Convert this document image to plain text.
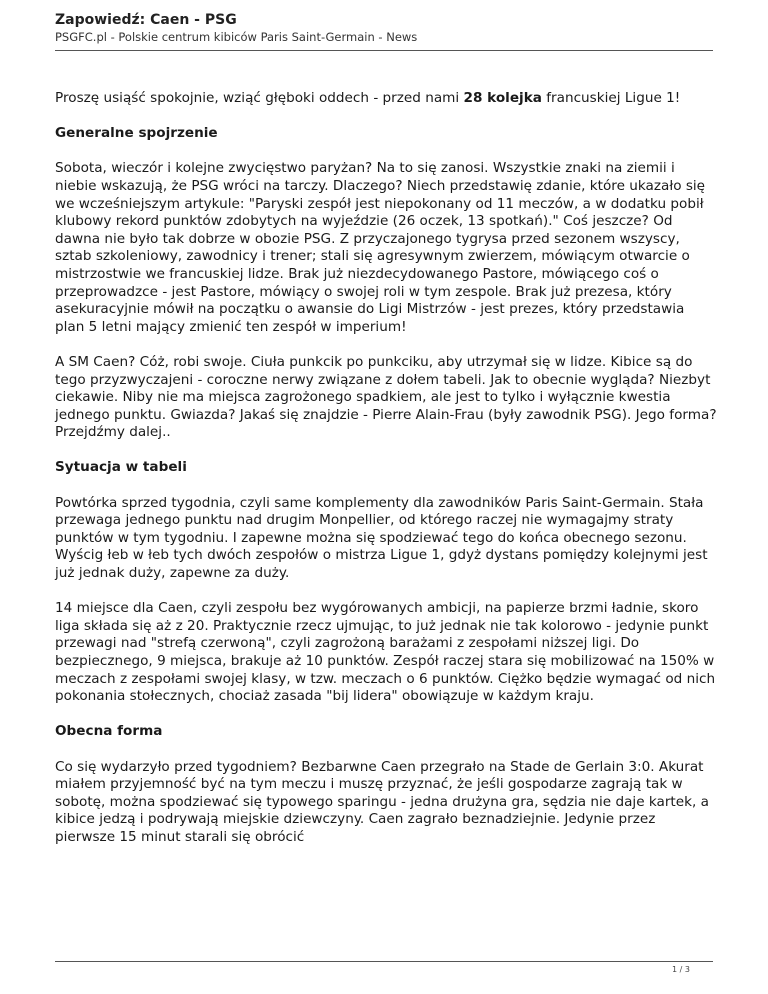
Zapowiedź: Caen - PSG
PSGFC.pl - Polskie centrum kibiców Paris Saint-Germain - News

Proszę usiąść spokojnie, wziąć głęboki oddech - przed nami 28 kolejka francuskiej Ligue 1!

Generalne spojrzenie

Sobota, wieczór i kolejne zwycięstwo paryżan? Na to się zanosi. Wszystkie znaki na ziemii i niebie wskazują, że PSG wróci na tarczy. Dlaczego? Niech przedstawię zdanie, które ukazało się we wcześniejszym artykule: "Paryski zespół jest niepokonany od 11 meczów, a w dodatku pobił klubowy rekord punktów zdobytych na wyjeździe (26 oczek, 13 spotkań)." Coś jeszcze? Od dawna nie było tak dobrze w obozie PSG. Z przyczajonego tygrysa przed sezonem wszyscy, sztab szkoleniowy, zawodnicy i trener; stali się agresywnym zwierzem, mówiącym otwarcie o mistrzostwie we francuskiej lidze. Brak już niezdecydowanego Pastore, mówiącego coś o przeprowadzce - jest Pastore, mówiący o swojej roli w tym zespole. Brak już prezesa, który asekuracyjnie mówił na początku o awansie do Ligi Mistrzów - jest prezes, który przedstawia plan 5 letni mający zmienić ten zespół w imperium!

A SM Caen? Cóż, robi swoje. Ciuła punkcik po punkciku, aby utrzymał się w lidze. Kibice są do tego przyzwyczajeni - coroczne nerwy związane z dołem tabeli. Jak to obecnie wygląda? Niezbyt ciekawie. Niby nie ma miejsca zagrożonego spadkiem, ale jest to tylko i wyłącznie kwestia jednego punktu. Gwiazda? Jakaś się znajdzie - Pierre Alain-Frau (były zawodnik PSG). Jego forma? Przejdźmy dalej..

Sytuacja w tabeli

Powtórka sprzed tygodnia, czyli same komplementy dla zawodników Paris Saint-Germain. Stała przewaga jednego punktu nad drugim Monpellier, od którego raczej nie wymagajmy straty punktów w tym tygodniu. I zapewne można się spodziewać tego do końca obecnego sezonu. Wyścig łeb w łeb tych dwóch zespołów o mistrza Ligue 1, gdyż dystans pomiędzy kolejnymi jest już jednak duży, zapewne za duży.

14 miejsce dla Caen, czyli zespołu bez wygórowanych ambicji, na papierze brzmi ładnie, skoro liga składa się aż z 20. Praktycznie rzecz ujmując, to już jednak nie tak kolorowo - jedynie punkt przewagi nad "strefą czerwoną", czyli zagrożoną barażami z zespołami niższej ligi. Do bezpiecznego, 9 miejsca, brakuje aż 10 punktów. Zespół raczej stara się mobilizować na 150% w meczach z zespołami swojej klasy, w tzw. meczach o 6 punktów. Ciężko będzie wymagać od nich pokonania stołecznych, chociaż zasada "bij lidera" obowiązuje w każdym kraju.

Obecna forma

Co się wydarzyło przed tygodniem? Bezbarwne Caen przegrało na Stade de Gerlain 3:0. Akurat miałem przyjemność być na tym meczu i muszę przyznać, że jeśli gospodarze zagrają tak w sobotę, można spodziewać się typowego sparingu - jedna drużyna gra, sędzia nie daje kartek, a kibice jedzą i podrywają miejskie dziewczyny. Caen zagrało beznadziejnie. Jedynie przez pierwsze 15 minut starali się obrócić

1 / 3
